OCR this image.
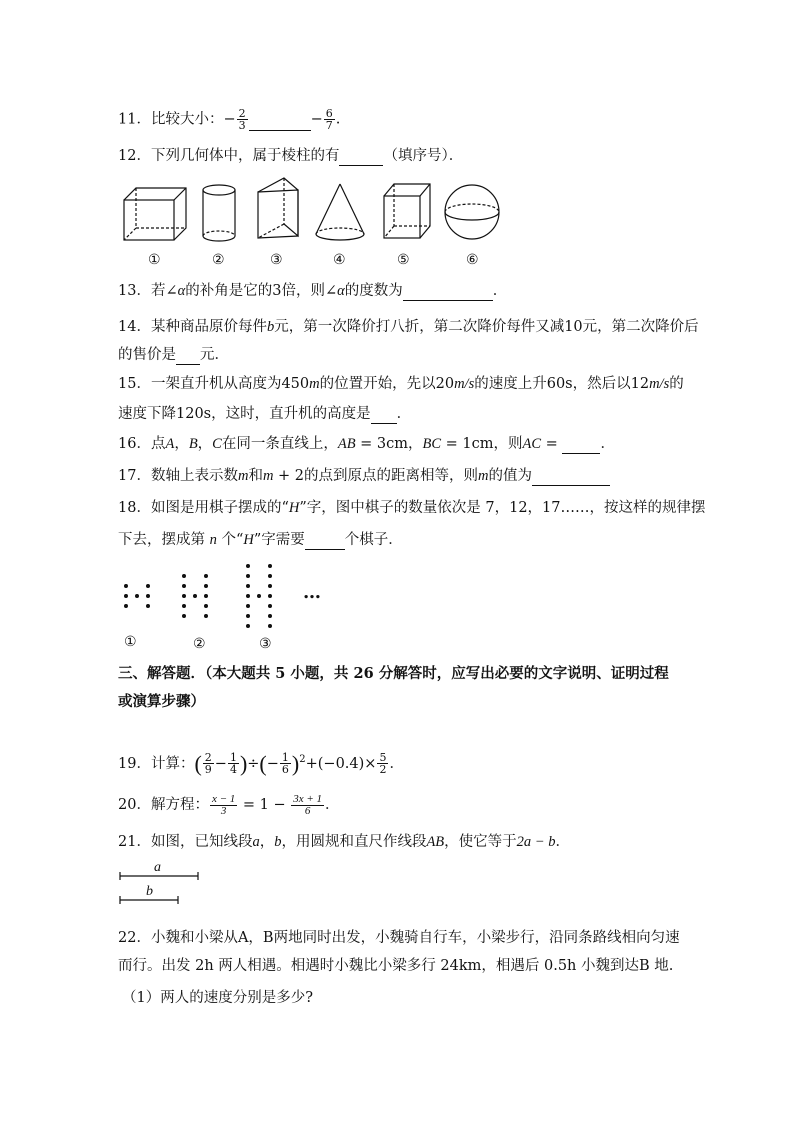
11．比较大小：− $\frac{2}{3}$	− $\frac{6}{7}$ .
12．下列几何体中，属于棱柱的有	（填序号）．
①	②	③	④	⑤	⑥
13．若∠α的补角是它的3倍，则∠α的度数为	．
14．某种商品原价每件b元，第一次降价打八折，第二次降价每件又减10元，第二次降价后
的售价是 元．
15．一架直升机从高度为450m的位置开始，先以20m/s的速度上升60s，然后以12m/s的
速度下降120s，这时，直升机的高度是 ．
16．点A，B，C在同一条直线上，AB = 3cm，BC = 1cm，则AC =	．
17．数轴上表示数m和m + 2的点到原点的距离相等，则m的值为
18．如图是用棋子摆成的“H”字，图中棋子的数量依次是 7，12，17……，按这样的规律摆
下去，摆成第 n 个“H”字需要	个棋子．
…
①	②	③
三、解答题．（本大题共 5 小题，共 26 分解答时，应写出必要的文字说明、证明过程或演算步骤）
19．计算：( $\frac{2}{9} - \frac{1}{4}$ )÷(− $\frac{1}{6} )^2+(-0.4)\times \frac{5}{2}$ ．
20．解方程： $\frac{x - 1}{3} = 1 - \frac{3x + 1}{6}$ ．
21．如图，已知线段a，b，用圆规和直尺作线段AB，使它等于2a − b．
a
b
22．小魏和小梁从A，B两地同时出发，小魏骑自行车，小梁步行，沿同条路线相向匀速而行。出发 2h 两人相遇。相遇时小魏比小梁多行 24km，相遇后 0.5h 小魏到达B 地.
（1）两人的速度分别是多少?
